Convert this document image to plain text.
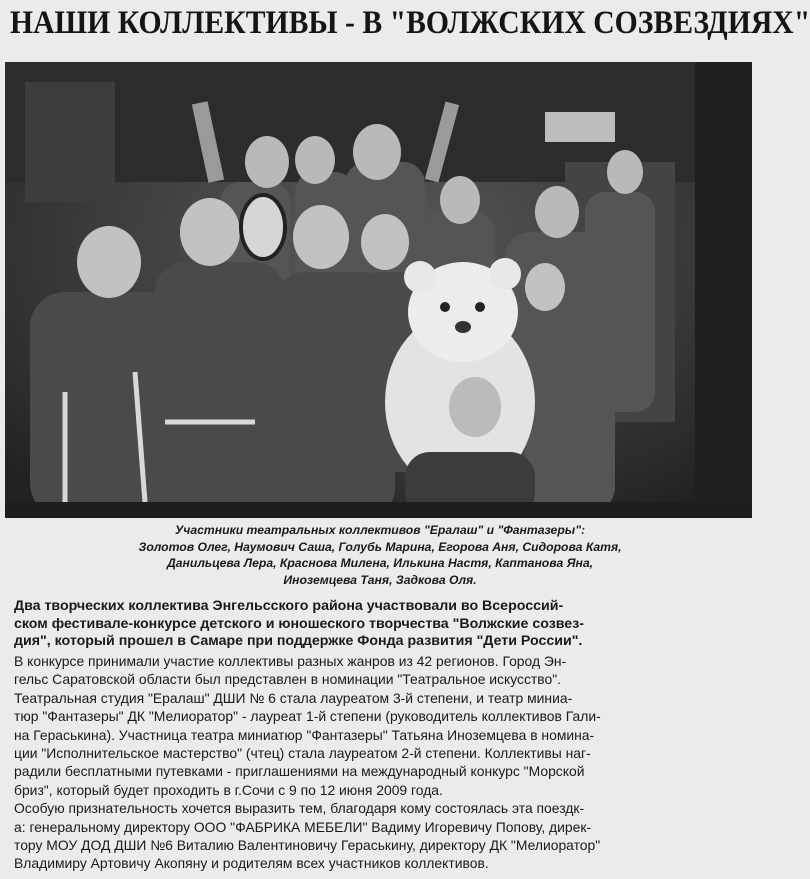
НАШИ КОЛЛЕКТИВЫ - В "ВОЛЖСКИХ СОЗВЕЗДИЯХ"
Участники театральных коллективов "Ералаш" и "Фантазеры":
Золотов Олег, Наумович Саша, Голубь Марина, Егорова Аня, Сидорова Катя,
Данильцева Лера, Краснова Милена, Илькина Настя, Каптанова Яна,
Иноземцева Таня, Задкова Оля.
Два творческих коллектива Энгельсского района участвовали во Всероссий-
ском фестивале-конкурсе детского и юношеского творчества "Волжские созвез-
дия", который прошел в Самаре при поддержке Фонда развития "Дети России".
В конкурсе принимали участие коллективы разных жанров из 42 регионов. Город Эн-
гельс Саратовской области был представлен в номинации "Театральное искусство".
Театральная студия "Ералаш" ДШИ № 6 стала лауреатом 3-й степени, и театр миниа-
тюр "Фантазеры" ДК "Мелиоратор" - лауреат 1-й степени (руководитель коллективов Гали-
на Гераськина). Участница театра миниатюр "Фантазеры" Татьяна Иноземцева в номина-
ции "Исполнительское мастерство" (чтец) стала лауреатом 2-й степени. Коллективы наг-
радили бесплатными путевками - приглашениями на международный конкурс "Морской
бриз", который будет проходить в г.Сочи с 9 по 12 июня 2009 года.
Особую признательность хочется выразить тем, благодаря кому состоялась эта поездк-
а: генеральному директору ООО "ФАБРИКА МЕБЕЛИ" Вадиму Игоревичу Попову, дирек-
тору МОУ ДОД ДШИ №6 Виталию Валентиновичу Гераськину, директору ДК "Мелиоратор"
Владимиру Артовичу Акопяну и родителям всех участников коллективов.
